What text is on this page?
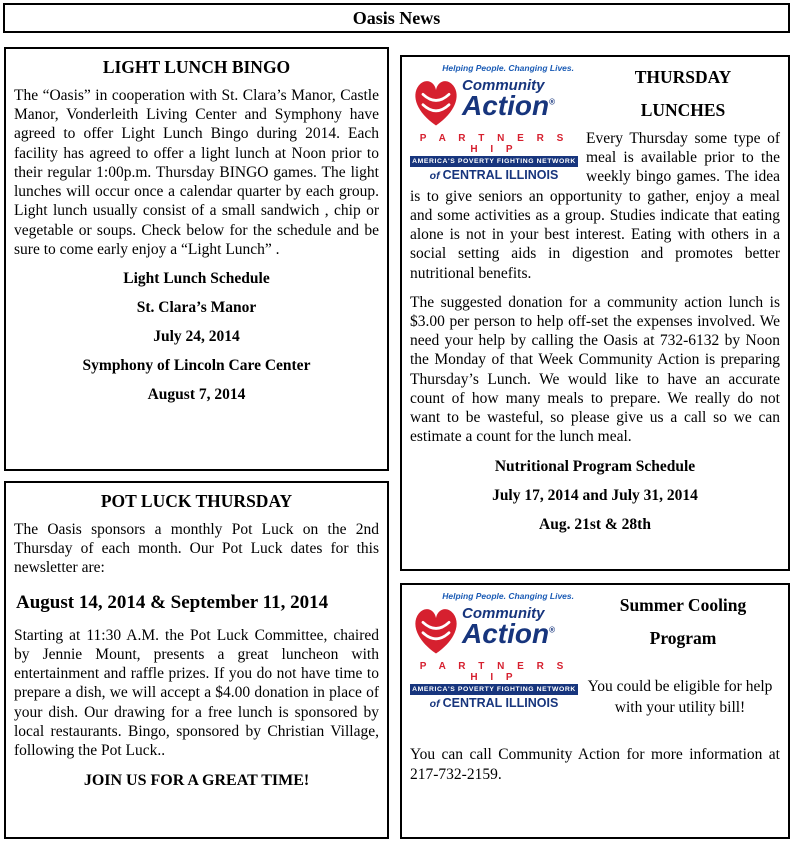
Oasis News
LIGHT LUNCH BINGO

The “Oasis” in cooperation with St. Clara’s Manor, Castle Manor, Vonderleith Living Center and Symphony have agreed to offer Light Lunch Bingo during 2014. Each facility has agreed to offer a light lunch at Noon prior to their regular 1:00p.m. Thursday BINGO games. The light lunches will occur once a calendar quarter by each group. Light lunch usually consist of a small sandwich , chip or vegetable or soups. Check below for the schedule and be sure to come early enjoy a “Light Lunch” .

Light Lunch Schedule
St. Clara’s Manor
July 24, 2014
Symphony of Lincoln Care Center
August 7, 2014
POT LUCK THURSDAY

The Oasis sponsors a monthly Pot Luck on the 2nd Thursday of each month. Our Pot Luck dates for this newsletter are:

August 14, 2014 & September 11, 2014

Starting at 11:30 A.M. the Pot Luck Committee, chaired by Jennie Mount, presents a great luncheon with entertainment and raffle prizes. If you do not have time to prepare a dish, we will accept a $4.00 donation in place of your dish. Our drawing for a free lunch is sponsored by local restaurants. Bingo, sponsored by Christian Village, following the Pot Luck..

JOIN US FOR A GREAT TIME!
Helping People. Changing Lives.
Community
Action®
P A R T N E R S H I P
AMERICA'S POVERTY FIGHTING NETWORK
of CENTRAL ILLINOIS
THURSDAY
LUNCHES

Every Thursday some type of meal is available prior to the weekly bingo games. The idea is to give seniors an opportunity to gather, enjoy a meal and some activities as a group. Studies indicate that eating alone is not in your best interest. Eating with others in a social setting aids in digestion and promotes better nutritional benefits.

The suggested donation for a community action lunch is $3.00 per person to help off-set the expenses involved. We need your help by calling the Oasis at 732-6132 by Noon the Monday of that Week Community Action is preparing Thursday’s Lunch. We would like to have an accurate count of how many meals to prepare. We really do not want to be wasteful, so please give us a call so we can estimate a count for the lunch meal.

Nutritional Program Schedule
July 17, 2014 and July 31, 2014
Aug. 21st & 28th
Helping People. Changing Lives.
Community
Action®
P A R T N E R S H I P
AMERICA'S POVERTY FIGHTING NETWORK
of CENTRAL ILLINOIS
Summer Cooling
Program
You could be eligible for help with your utility bill!

You can call Community Action for more information at 217-732-2159.
